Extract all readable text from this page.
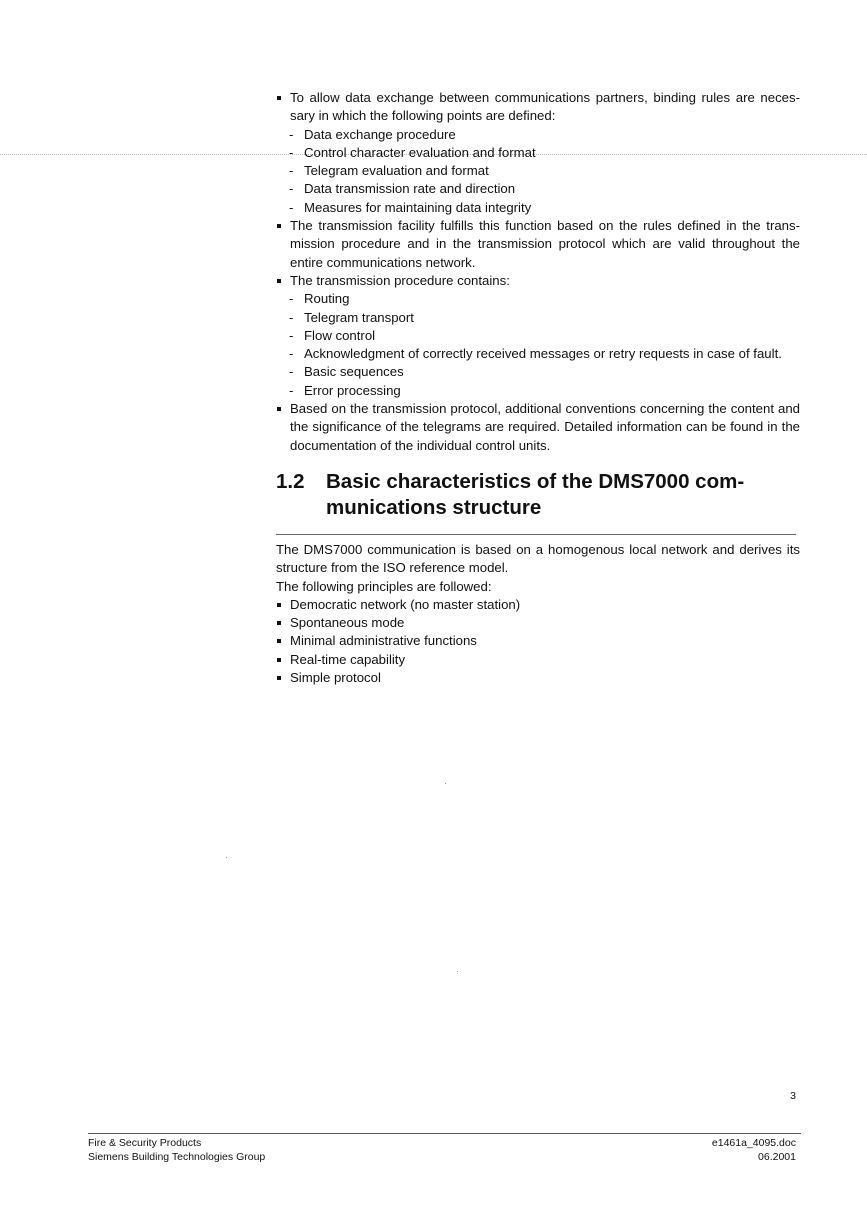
To allow data exchange between communications partners, binding rules are neces-sary in which the following points are defined:
- Data exchange procedure
- Control character evaluation and format
- Telegram evaluation and format
- Data transmission rate and direction
- Measures for maintaining data integrity
The transmission facility fulfills this function based on the rules defined in the trans-mission procedure and in the transmission protocol which are valid throughout the entire communications network.
The transmission procedure contains:
- Routing
- Telegram transport
- Flow control
- Acknowledgment of correctly received messages or retry requests in case of fault.
- Basic sequences
- Error processing
Based on the transmission protocol, additional conventions concerning the content and the significance of the telegrams are required. Detailed information can be found in the documentation of the individual control units.
1.2 Basic characteristics of the DMS7000 com-munications structure
The DMS7000 communication is based on a homogenous local network and derives its structure from the ISO reference model.
The following principles are followed:
Democratic network (no master station)
Spontaneous mode
Minimal administrative functions
Real-time capability
Simple protocol
3
Fire & Security Products
Siemens Building Technologies Group
e1461a_4095.doc
06.2001
